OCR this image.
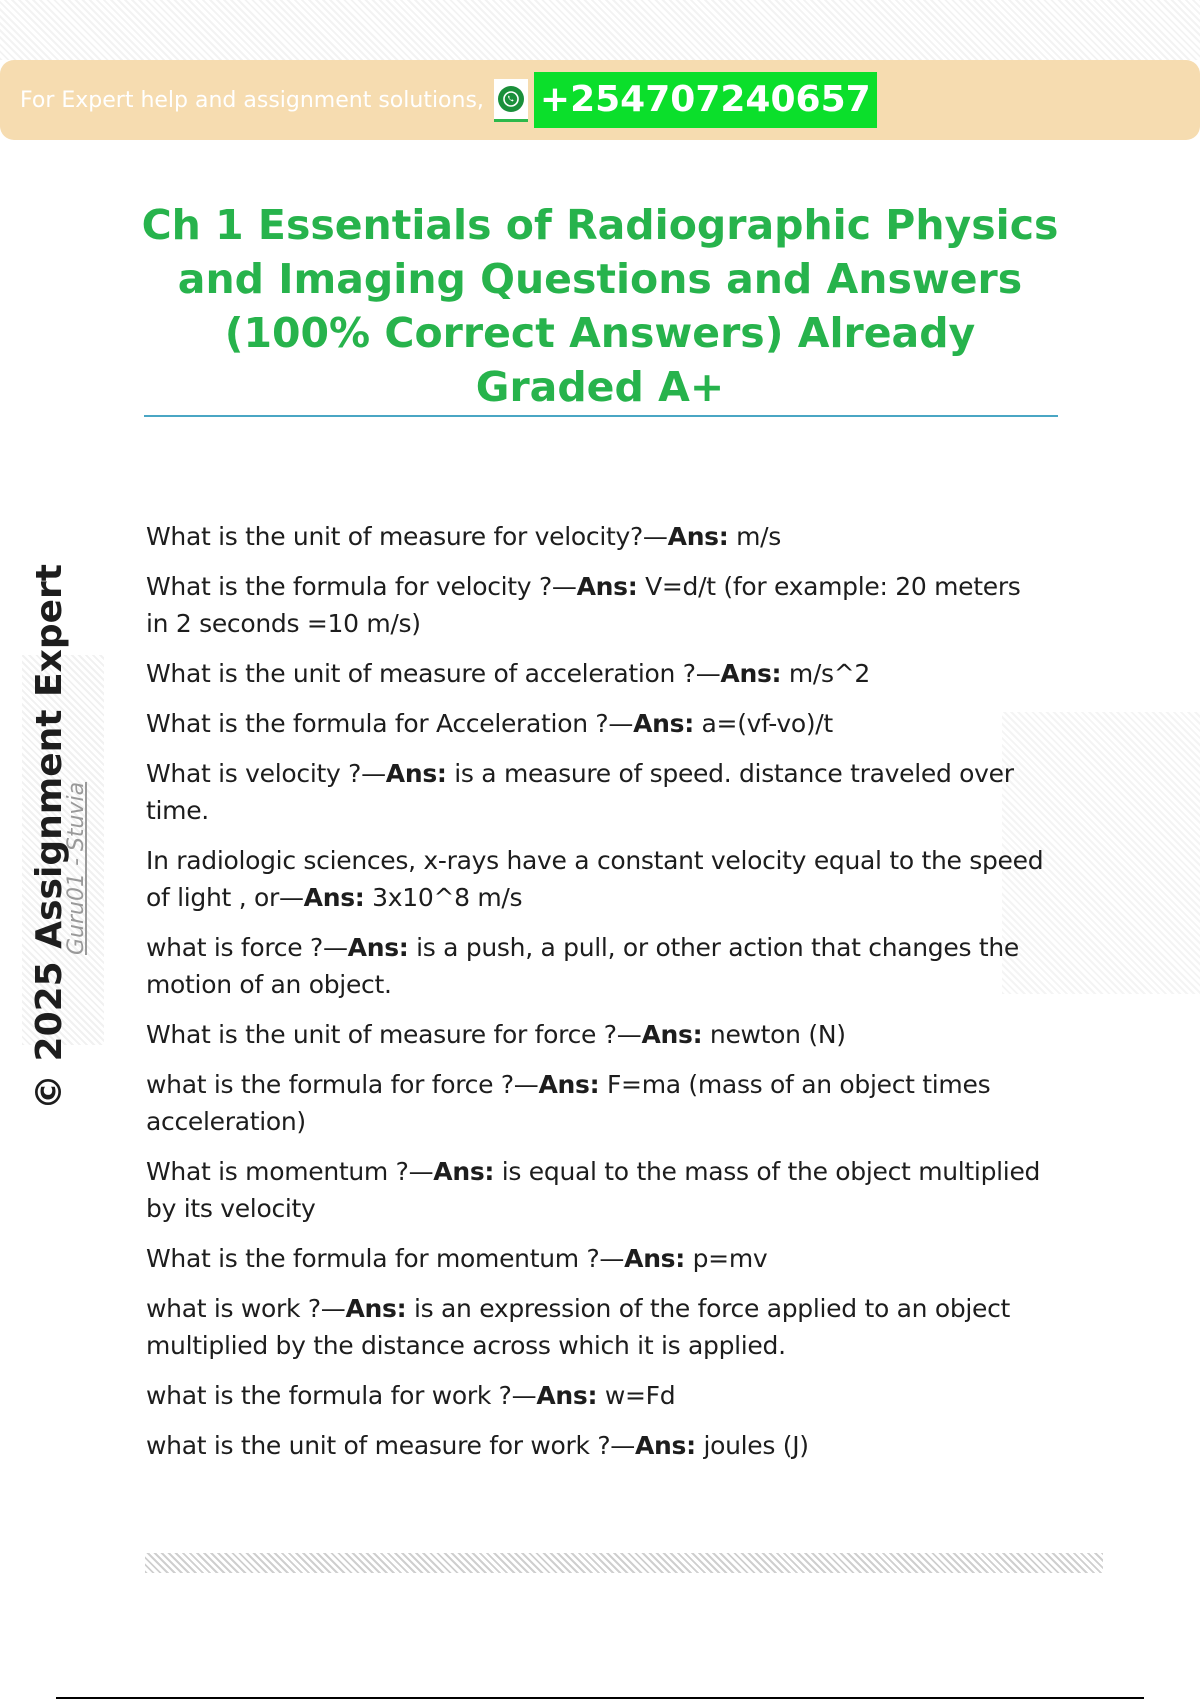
For Expert help and assignment solutions, +254707240657
Ch 1 Essentials of Radiographic Physics and Imaging Questions and Answers (100% Correct Answers) Already Graded A+
© 2025 Assignment Expert
Guru01 - Stuvia
What is the unit of measure for velocity?—Ans: m/s
What is the formula for velocity ?—Ans: V=d/t (for example: 20 meters in 2 seconds =10 m/s)
What is the unit of measure of acceleration ?—Ans: m/s^2
What is the formula for Acceleration ?—Ans: a=(vf-vo)/t
What is velocity ?—Ans: is a measure of speed. distance traveled over time.
In radiologic sciences, x-rays have a constant velocity equal to the speed of light , or—Ans: 3x10^8 m/s
what is force ?—Ans: is a push, a pull, or other action that changes the motion of an object.
What is the unit of measure for force ?—Ans: newton (N)
what is the formula for force ?—Ans: F=ma (mass of an object times acceleration)
What is momentum ?—Ans: is equal to the mass of the object multiplied by its velocity
What is the formula for momentum ?—Ans: p=mv
what is work ?—Ans: is an expression of the force applied to an object multiplied by the distance across which it is applied.
what is the formula for work ?—Ans: w=Fd
what is the unit of measure for work ?—Ans: joules (J)
